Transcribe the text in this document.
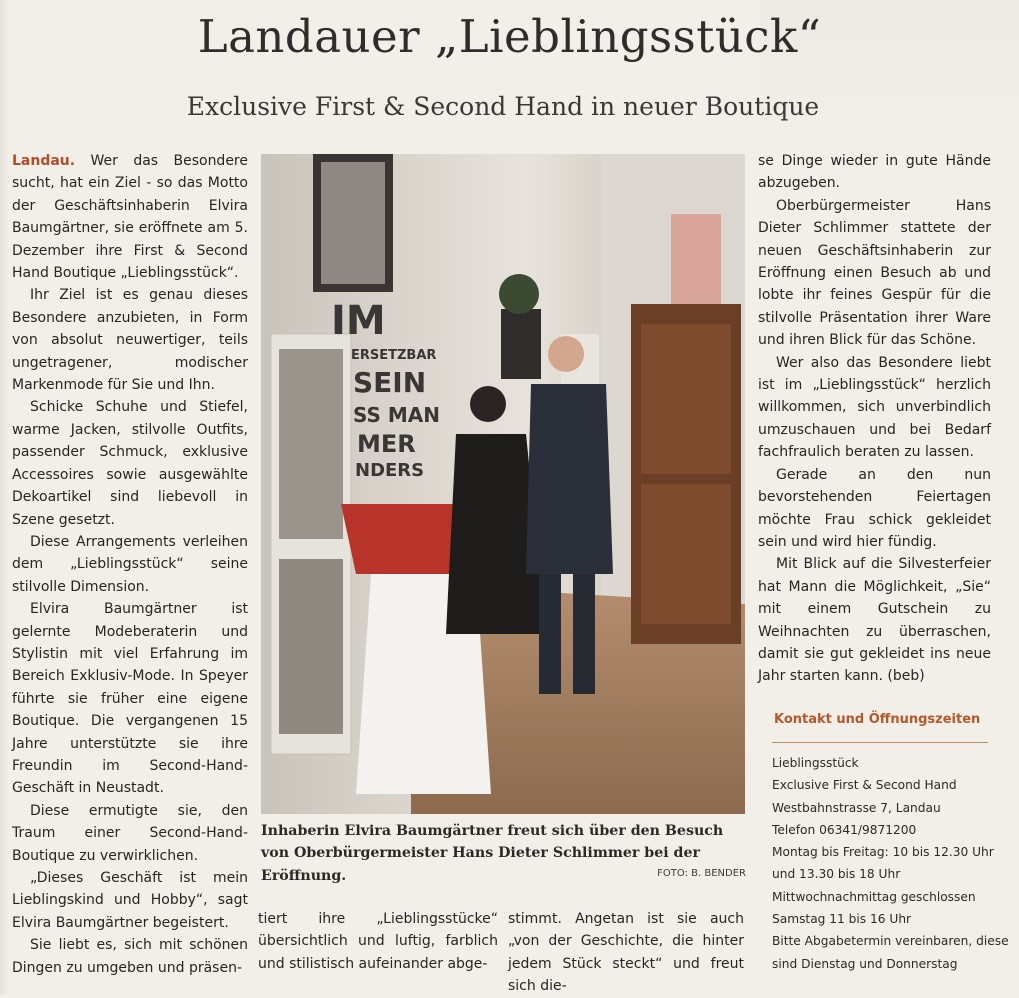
Landauer „Lieblingsstück“
Exclusive First & Second Hand in neuer Boutique

Landau. Wer das Besondere sucht, hat ein Ziel - so das Motto der Geschäftsinhaberin Elvira Baumgärtner, sie eröffnete am 5. Dezember ihre First & Second Hand Boutique „Lieblingsstück“.

Ihr Ziel ist es genau dieses Besondere anzubieten, in Form von absolut neuwertiger, teils ungetragener, modischer Markenmode für Sie und Ihn.

Schicke Schuhe und Stiefel, warme Jacken, stilvolle Outfits, passender Schmuck, exklusive Accessoires sowie ausgewählte Dekoartikel sind liebevoll in Szene gesetzt.

Diese Arrangements verleihen dem „Lieblingsstück“ seine stilvolle Dimension.

Elvira Baumgärtner ist gelernte Modeberaterin und Stylistin mit viel Erfahrung im Bereich Exklusiv-Mode. In Speyer führte sie früher eine eigene Boutique. Die vergangenen 15 Jahre unterstützte sie ihre Freundin im Second-Hand-Geschäft in Neustadt.

Diese ermutigte sie, den Traum einer Second-Hand-Boutique zu verwirklichen.

„Dieses Geschäft ist mein Lieblingskind und Hobby“, sagt Elvira Baumgärtner begeistert.

Sie liebt es, sich mit schönen Dingen zu umgeben und präsen-

IM
ERSETZBAR
SEIN
SS MAN
MER
NDERS
Inhaberin Elvira Baumgärtner freut sich über den Besuch von Oberbürgermeister Hans Dieter Schlimmer bei der Eröffnung.	FOTO: B. BENDER
tiert ihre „Lieblingsstücke“ übersichtlich und luftig, farblich und stilistisch aufeinander abge-
stimmt. Angetan ist sie auch „von der Geschichte, die hinter jedem Stück steckt“ und freut sich die-

se Dinge wieder in gute Hände abzugeben.

Oberbürgermeister Hans Dieter Schlimmer stattete der neuen Geschäftsinhaberin zur Eröffnung einen Besuch ab und lobte ihr feines Gespür für die stilvolle Präsentation ihrer Ware und ihren Blick für das Schöne.

Wer also das Besondere liebt ist im „Lieblingsstück“ herzlich willkommen, sich unverbindlich umzuschauen und bei Bedarf fachfraulich beraten zu lassen.

Gerade an den nun bevorstehenden Feiertagen möchte Frau schick gekleidet sein und wird hier fündig.

Mit Blick auf die Silvesterfeier hat Mann die Möglichkeit, „Sie“ mit einem Gutschein zu Weihnachten zu überraschen, damit sie gut gekleidet ins neue Jahr starten kann. (beb)

Kontakt und Öffnungszeiten
Lieblingsstück
Exclusive First & Second Hand
Westbahnstrasse 7, Landau
Telefon 06341/9871200
Montag bis Freitag: 10 bis 12.30 Uhr
und 13.30 bis 18 Uhr
Mittwochnachmittag geschlossen
Samstag 11 bis 16 Uhr
Bitte Abgabetermin vereinbaren, diese
sind Dienstag und Donnerstag
